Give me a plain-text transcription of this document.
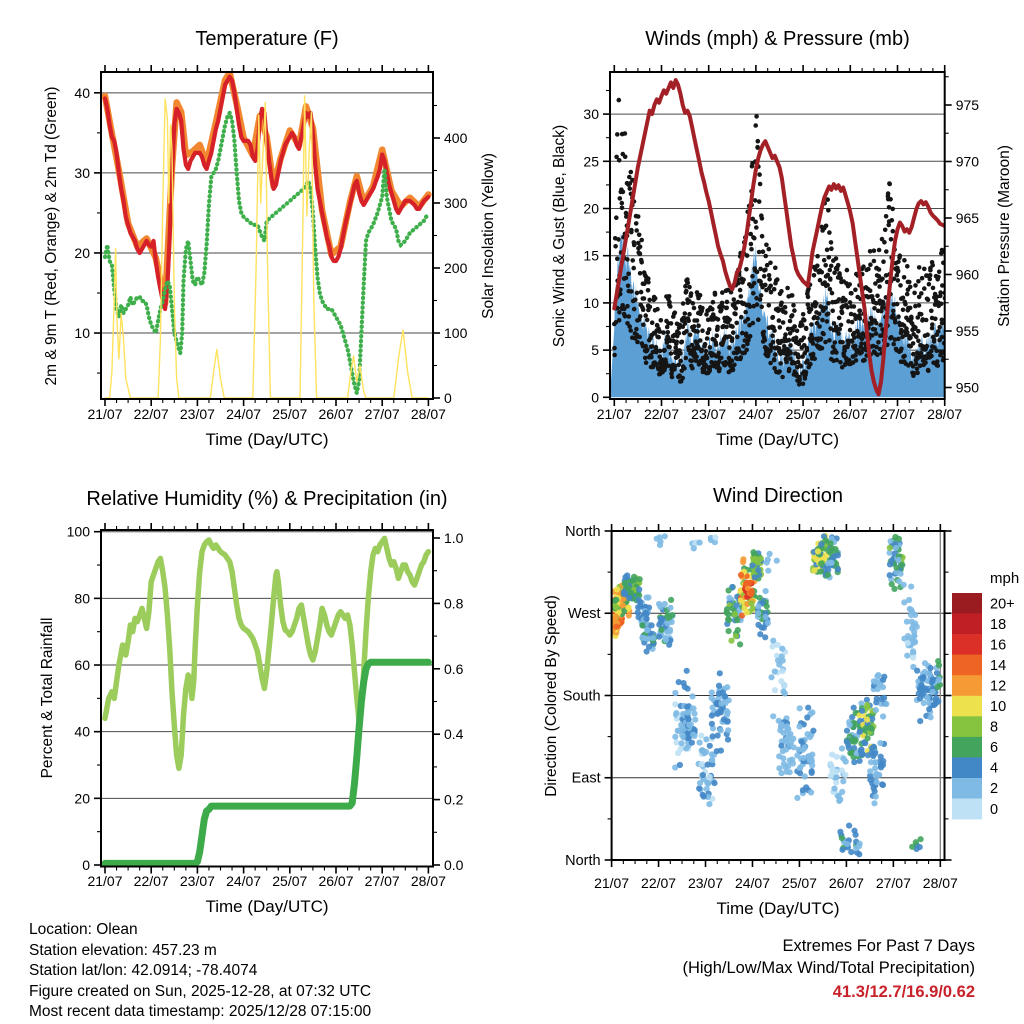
21/07 22/07 23/07 24/07 25/07 26/07 27/07 28/07
10
20
30
40
0
100
200
300
400
21/07 22/07 23/07 24/07 25/07 26/07 27/07 28/07
0
5
10
15
20
25
30
950
955
960
965
970
975
21/07 22/07 23/07 24/07 25/07 26/07 27/07 28/07
0
20
40
60
80
100
0.0
0.2
0.4
0.6
0.8
1.0
21/07 22/07 23/07 24/07 25/07 26/07 27/07 28/07
North
West
South
East
North
20+
18
16
14
12
10
8
6
4
2
0
Temperature (F)	Winds (mph) & Pressure (mb)
Relative Humidity (%) & Precipitation (in)	Wind Direction
Time (Day/UTC)	Time (Day/UTC)
Time (Day/UTC)	Time (Day/UTC)
2m & 9m T (Red, Orange) & 2m Td (Green)	Solar Insolation (Yellow)	Sonic Wind & Gust (Blue, Black)	Station Pressure (Maroon)
Percent & Total Rainfall	Direction (Colored By Speed)
mph
Location: Olean
Station elevation: 457.23 m
Station lat/lon: 42.0914; -78.4074
Figure created on Sun, 2025-12-28, at 07:32 UTC
Most recent data timestamp: 2025/12/28 07:15:00
Extremes For Past 7 Days
(High/Low/Max Wind/Total Precipitation)
41.3/12.7/16.9/0.62
